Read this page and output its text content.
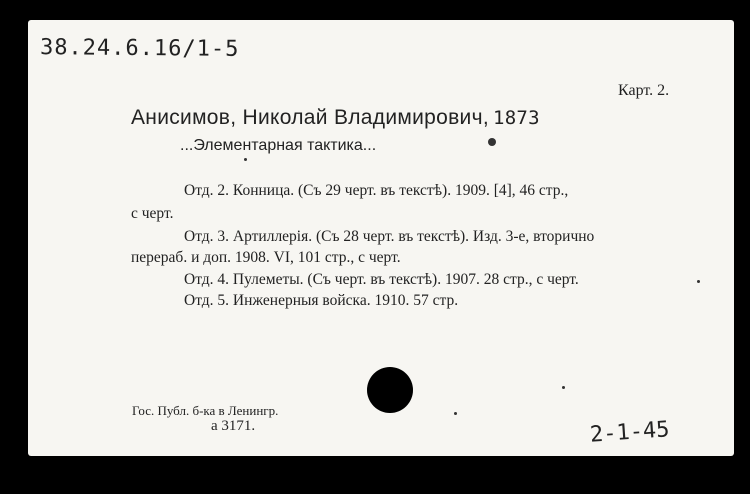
38.24.6.16/1-5
Карт. 2.
Анисимов, Николай Владимирович, 1873
...Элементарная тактика...
Отд. 2. Конница. (Съ 29 черт. въ текстѣ). 1909. [4], 46 стр.,
с черт.
Отд. 3. Артиллерія. (Съ 28 черт. въ текстѣ). Изд. 3-е, вторично
перераб. и доп. 1908. VI, 101 стр., с черт.
Отд. 4. Пулеметы. (Съ черт. въ текстѣ). 1907. 28 стр., с черт.
Отд. 5. Инженерныя войска. 1910. 57 стр.
Гос. Публ. б-ка в Ленингр.
а 3171.	2-1-45
